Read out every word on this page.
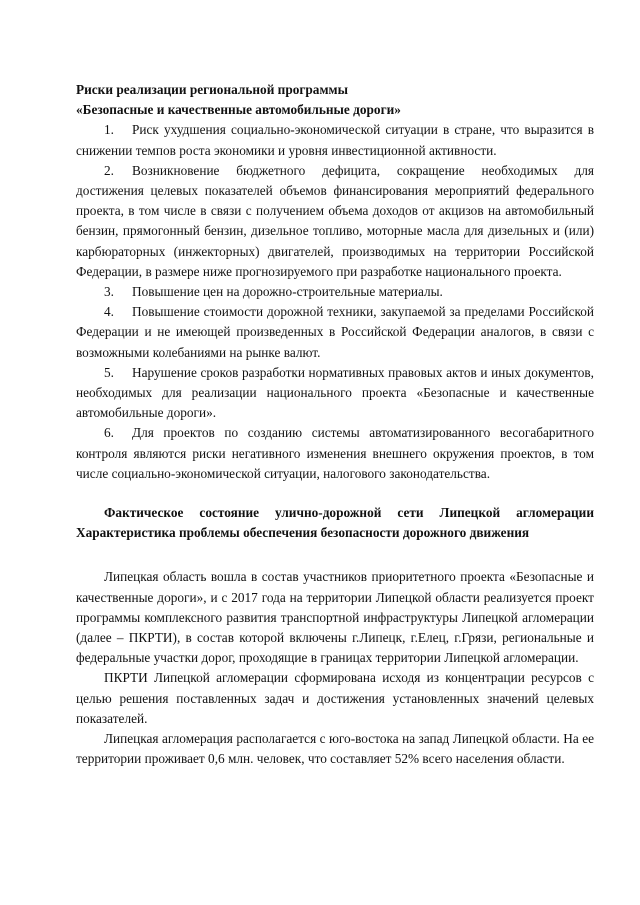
Риски реализации региональной программы

«Безопасные и качественные автомобильные дороги»

1. Риск ухудшения социально-экономической ситуации в стране, что выразится в снижении темпов роста экономики и уровня инвестиционной активности.

2. Возникновение бюджетного дефицита, сокращение необходимых для достижения целевых показателей объемов финансирования мероприятий федерального проекта, в том числе в связи с получением объема доходов от акцизов на автомобильный бензин, прямогонный бензин, дизельное топливо, моторные масла для дизельных и (или) карбюраторных (инжекторных) двигателей, производимых на территории Российской Федерации, в размере ниже прогнозируемого при разработке национального проекта.

3. Повышение цен на дорожно-строительные материалы.

4. Повышение стоимости дорожной техники, закупаемой за пределами Российской Федерации и не имеющей произведенных в Российской Федерации аналогов, в связи с возможными колебаниями на рынке валют.

5. Нарушение сроков разработки нормативных правовых актов и иных документов, необходимых для реализации национального проекта «Безопасные и качественные автомобильные дороги».

6. Для проектов по созданию системы автоматизированного весогабаритного контроля являются риски негативного изменения внешнего окружения проектов, в том числе социально-экономической ситуации, налогового законодательства.

Фактическое состояние улично-дорожной сети Липецкой агломерации

Характеристика проблемы обеспечения безопасности дорожного движения

Липецкая область вошла в состав участников приоритетного проекта «Безопасные и качественные дороги», и с 2017 года на территории Липецкой области реализуется проект программы комплексного развития транспортной инфраструктуры Липецкой агломерации (далее – ПКРТИ), в состав которой включены г.Липецк, г.Елец, г.Грязи, региональные и федеральные участки дорог, проходящие в границах территории Липецкой агломерации.

ПКРТИ Липецкой агломерации сформирована исходя из концентрации ресурсов с целью решения поставленных задач и достижения установленных значений целевых показателей.

Липецкая агломерация располагается с юго-востока на запад Липецкой области. На ее территории проживает 0,6 млн. человек, что составляет 52% всего населения области.
